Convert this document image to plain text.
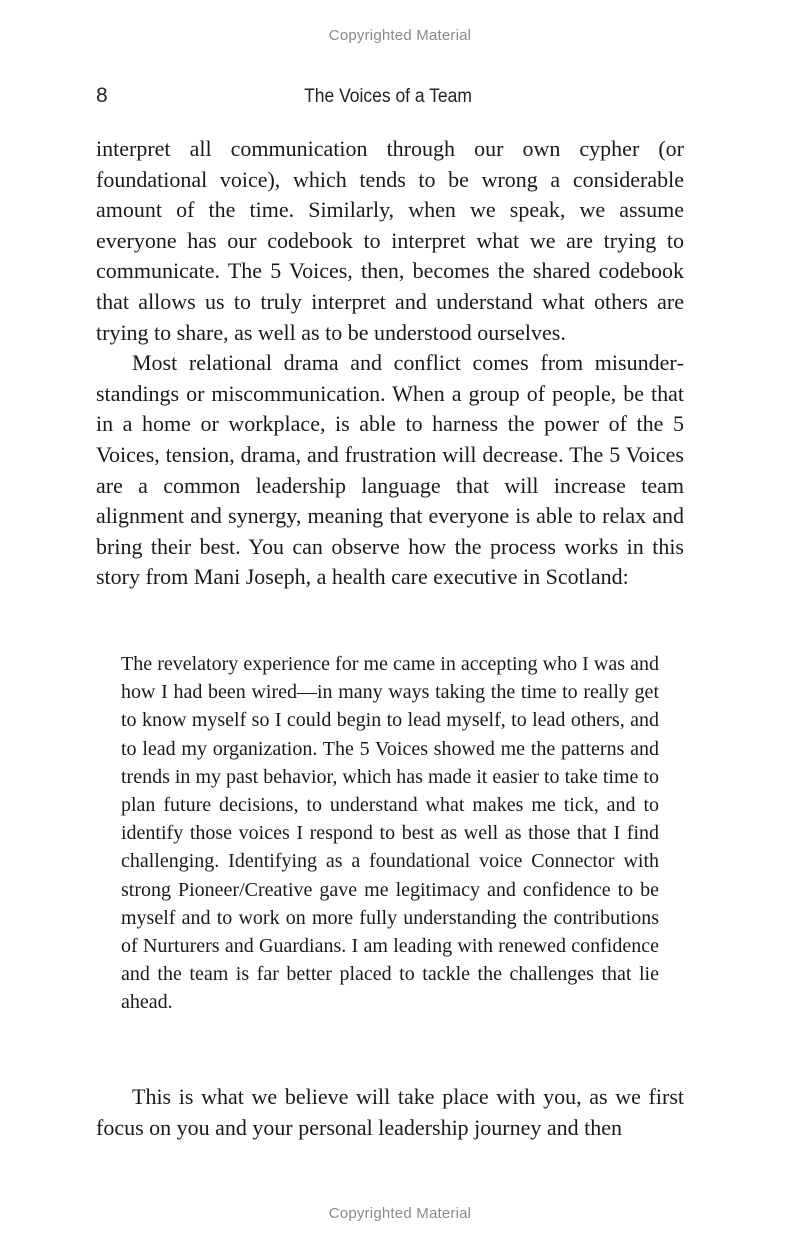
Copyrighted Material
8	The Voices of a Team

interpret all communication through our own cypher (or foundational voice), which tends to be wrong a considerable amount of the time. Similarly, when we speak, we assume everyone has our codebook to interpret what we are trying to communicate. The 5 Voices, then, becomes the shared codebook that allows us to truly interpret and understand what others are trying to share, as well as to be understood ourselves.

Most relational drama and conflict comes from misunderstandings or miscommunication. When a group of people, be that in a home or workplace, is able to harness the power of the 5 Voices, tension, drama, and frustration will decrease. The 5 Voices are a common leadership language that will increase team alignment and synergy, meaning that everyone is able to relax and bring their best. You can observe how the process works in this story from Mani Joseph, a health care executive in Scotland:

The revelatory experience for me came in accepting who I was and how I had been wired—in many ways taking the time to really get to know myself so I could begin to lead myself, to lead others, and to lead my organization. The 5 Voices showed me the patterns and trends in my past behavior, which has made it easier to take time to plan future decisions, to understand what makes me tick, and to identify those voices I respond to best as well as those that I find challenging. Identifying as a foundational voice Connector with strong Pioneer/Creative gave me legitimacy and confidence to be myself and to work on more fully understanding the contributions of Nurturers and Guardians. I am leading with renewed confidence and the team is far better placed to tackle the challenges that lie ahead.

This is what we believe will take place with you, as we first focus on you and your personal leadership journey and then

Copyrighted Material
